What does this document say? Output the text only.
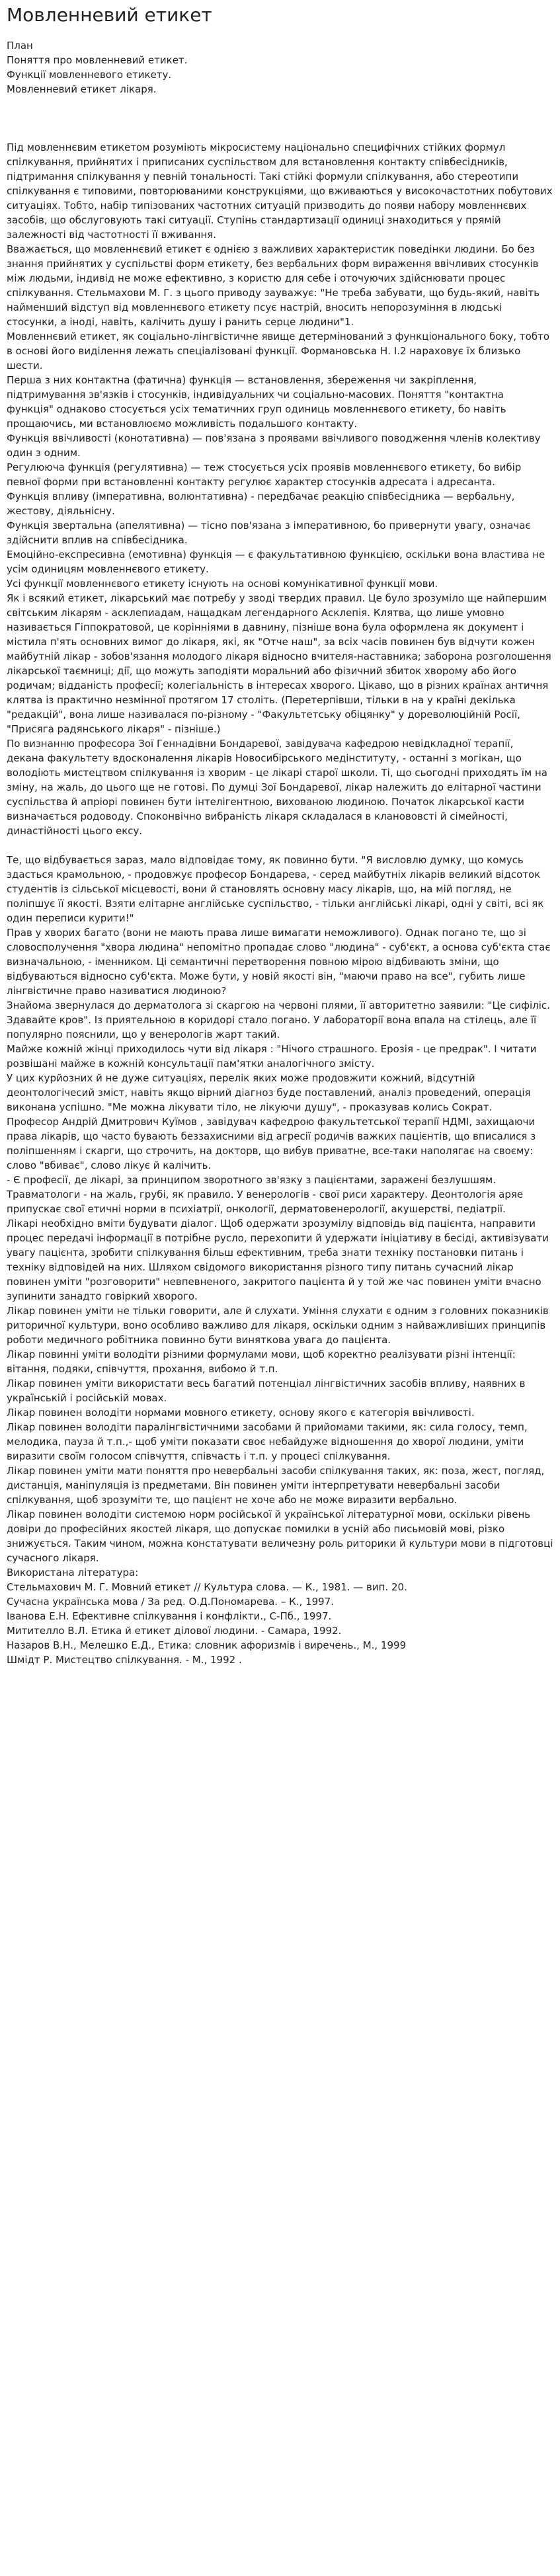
Мовленневий етикет

План

Поняття про мовленневий етикет.

Функції мовленневого етикету.

Мовленневий етикет лікаря.

Під мовленнєвим етикетом розуміють мікросистему національно специфічних стійких формул спілкування, прийнятих і приписаних суспільством для встановлення контакту співбесідників, підтримання спілкування у певній тональності. Такі стійкі формули спілкування, або стереотипи спілкування є типовими, повторюваними конструкціями, що вживаються у високочастотних побутових ситуаціях. Тобто, набір типізованих частотних ситуацій призводить до появи набору мовленнєвих засобів, що обслуговують такі ситуації. Ступінь стандартизації одиниці знаходиться у прямій залежності від частотності її вживання.

Вважається, що мовленнєвий етикет є однією з важливих характеристик поведінки людини. Бо без знання прийнятих у суспільстві форм етикету, без вербальних форм вираження ввічливих стосунків між людьми, індивід не може ефективно, з користю для себе і оточуючих здійснювати процес спілкування. Стельмахови М. Г. з цього приводу зауважує: "Не треба забувати, що будь-який, навіть найменший відступ від мовленнєвого етикету псує настрій, вносить непорозуміння в людські стосунки, а іноді, навіть, калічить душу і ранить серце людини"1.

Мовленнєвий етикет, як соціально-лінгвістичне явище детермінований з функціонального боку, тобто в основі його виділення лежать спеціалізовані функції. Формановська Н. І.2 нараховує їх близько шести.

Перша з них контактна (фатична) функція — встановлення, збереження чи закріплення, підтримування зв'язків і стосунків, індивідуальних чи соціально-масових. Поняття "контактна функція" однаково стосується усіх тематичних груп одиниць мовленнєвого етикету, бо навіть прощаючись, ми встановлюємо можливість подальшого контакту.

Функція ввічливості (конотативна) — пов'язана з проявами ввічливого поводження членів колективу один з одним.

Регулююча функція (регулятивна) — теж стосується усіх проявів мовленнєвого етикету, бо вибір певної форми при встановленні контакту регулює характер стосунків адресата і адресанта.

Функція впливу (імперативна, волюнтативна) - передбачає реакцію співбесідника — вербальну, жестову, діяльнісну.

Функція звертальна (апелятивна) — тісно пов'язана з імперативною, бо привернути увагу, означає здійснити вплив на співбесідника.

Емоційно-експресивна (емотивна) функція — є факультативною функцією, оскільки вона властива не усім одиницям мовленнєвого етикету.

Усі функції мовленнєвого етикету існують на основі комунікативної функції мови.

Як і всякий етикет, лікарський має потребу у зводі твердих правил. Це було зрозуміло ще найпершим світським лікарям - асклепиадам, нащадкам легендарного Асклепія. Клятва, що лише умовно називається Гіппократовой, це корінніями в давнину, пізніше вона була оформлена як документ і містила п'ять основних вимог до лікаря, які, як "Отче наш", за всіх часів повинен був відчути кожен майбутній лікар - зобов'язання молодого лікаря відносно вчителя-наставника; заборона розголошення лікарської таємниці; дії, що можуть заподіяти моральний або фізичний збиток хворому або його родичам; відданість професії; колегіальність в інтересах хворого. Цікаво, що в різних країнах античня клятва із практично незмінної протягом 17 століть. (Перетерпівши, тільки в на у країні декілька "редакцій", вона лише називалася по-різному - "Факультетську обіцянку" у дореволюційній Росії, "Присяга радянського лікаря" - пізніше.)

По визнанню професора Зої Геннадівни Бондаревої, завідувача кафедрою невідкладної терапії, декана факультету вдосконалення лікарів Новосибірського медінституту, - останні з могікан, що володіють мистецтвом спілкування із хворим - це лікарі старої школи. Ті, що сьогодні приходять їм на зміну, на жаль, до цього ще не готові. По думці Зої Бондаревої, лікар належить до елітарної частини суспільства й апріорі повинен бути інтелігентною, вихованою людиною. Початок лікарської касти визначається родоводу. Споконвічно вибраність лікаря складалася в кланововсті й сімейності, династійності цього ексу.

Те, що відбувається зараз, мало відповідає тому, як повинно бути. "Я висловлю думку, що комусь здасться крамольною, - продовжує професор Бондарева, - серед майбутніх лікарів великий відсоток студентів із сільської місцевості, вони й становлять основну масу лікарів, що, на мій погляд, не поліпшує її якості. Взяти елітарне англійське суспільство, - тільки англійські лікарі, одні у світі, всі як один переписи курити!"

Прав у хворих багато (вони не мають права лише вимагати неможливого). Однак погано те, що зі словосполучення "хвора людина" непомітно пропадає слово "людина" - суб'єкт, а основа суб'єкта стає визначальною, - іменником. Ці семантичні перетворення повною мірою відбивають зміни, що відбуваються відносно суб'єкта. Може бути, у новій якості він, "маючи право на все", губить лише лінгвістичне право називатися людиною?

Знайома звернулася до дерматолога зі скаргою на червоні плями, її авторитетно заявили: "Це сифіліс. Здавайте кров". Із приятельною в коридорі стало погано. У лабораторії вона впала на стілець, але її популярно пояснили, що у венерологів жарт такий.

Майже кожній жінці приходилось чути від лікаря : "Нічого страшного. Ерозія - це предрак". І читати розвішані майже в кожній консультації пам'ятки аналогічного змісту.

У цих курйозних й не дуже ситуаціях, перелік яких може продовжити кожний, відсутній деонтологічесий зміст, навіть якщо вірний діагноз буде поставлений, аналіз проведений, операція виконана успішно. "Ме можна лікувати тіло, не лікуючи душу", - проказував колись Сократ.

Професор Андрій Дмитрович Куїмов , завідувач кафедрою факультетської терапії НДМІ, захищаючи права лікарів, що часто бувають беззахисними від агресії родичів важких пацієнтів, що вписалися з поліпшенням і скарги, що строчить, на докторв, що вибув приватне, все-таки наполягає на своєму: слово "вбиває", слово лікує й калічить.

- Є професії, де лікарі, за принципом зворотного зв'язку з пацієнтами, заражені безлушшям. Травматологи - на жаль, грубі, як правило. У венерологів - свої риси характеру. Деонтологія аряе припускає свої етичні норми в психіатрії, онкології, дерматовенерології, акушерстві, педіатрії.

Лікарі необхідно вміти будувати діалог. Щоб одержати зрозумілу відповідь від пацієнта, направити процес передачі інформації в потрібне русло, перехопити й удержати ініціативу в бесіді, активізувати увагу пацієнта, зробити спілкування більш ефективним, треба знати техніку постановки питань і техніку відповідей на них. Шляхом свідомого використання різного типу питань сучасний лікар повинен уміти "розговорити" невпевненого, закритого пацієнта й у той же час повинен уміти вчасно зупинити занадто говіркий хворого.

Лікар повинен уміти не тільки говорити, але й слухати. Уміння слухати є одним з головних показників риторичної культури, воно особливо важливо для лікаря, оскільки одним з найважливіших принципів роботи медичного робітника повинно бути винятковa увага до пацієнта.

Лікар повинні уміти володіти різними формулами мови, щоб коректно реалізувати різні інтенції: вітання, подяки, співчуття, прохання, вибомо й т.п.

Лікар повинен уміти використати весь багатий потенціал лінгвістичних засобів впливу, наявних в українській і російській мовах.

Лікар повинен володіти нормами мовного етикету, основу якого є категорія ввічливості.

Лікар повинен володіти паралінгвістичними засобами й прийомами такими, як: сила голосу, темп, мелодика, пауза й т.п.,- щоб уміти показати своє небайдуже відношення до хворої людини, уміти виразити своїм голосом співчуття, співчасть і т.п. у процесі спілкування.

Лікар повинен уміти мати поняття про невербальні засоби спілкування таких, як: поза, жест, погляд, дистанція, маніпуляція із предметами. Він повинен уміти інтерпретувати невербальні засоби спілкування, щоб зрозуміти те, що пацієнт не хоче або не може виразити вербально.

Лікар повинен володіти системою норм російської й української літературної мови, оскільки рівень довіри до професійних якостей лікаря, що допускає помилки в усній або письмовій мові, різко знижується. Таким чином, можна констатувати величезну роль риторики й культури мови в підготовці сучасного лікаря.

Використана література:

Стельмахович М. Г. Мовний етикет // Культура слова. — К., 1981. — вип. 20.

Сучасна українська мова / За ред. О.Д.Пономарева. – К., 1997.

Іванова Е.Н. Ефективне спілкування і конфлікти., С-Пб., 1997.

Митителло В.Л. Етика й етикет ділової людини. - Самара, 1992.

Назаров В.Н., Мелешко Е.Д., Етика: словник афоризмів і виречень., М., 1999

Шмідт Р. Мистецтво спілкування. - М., 1992 .
